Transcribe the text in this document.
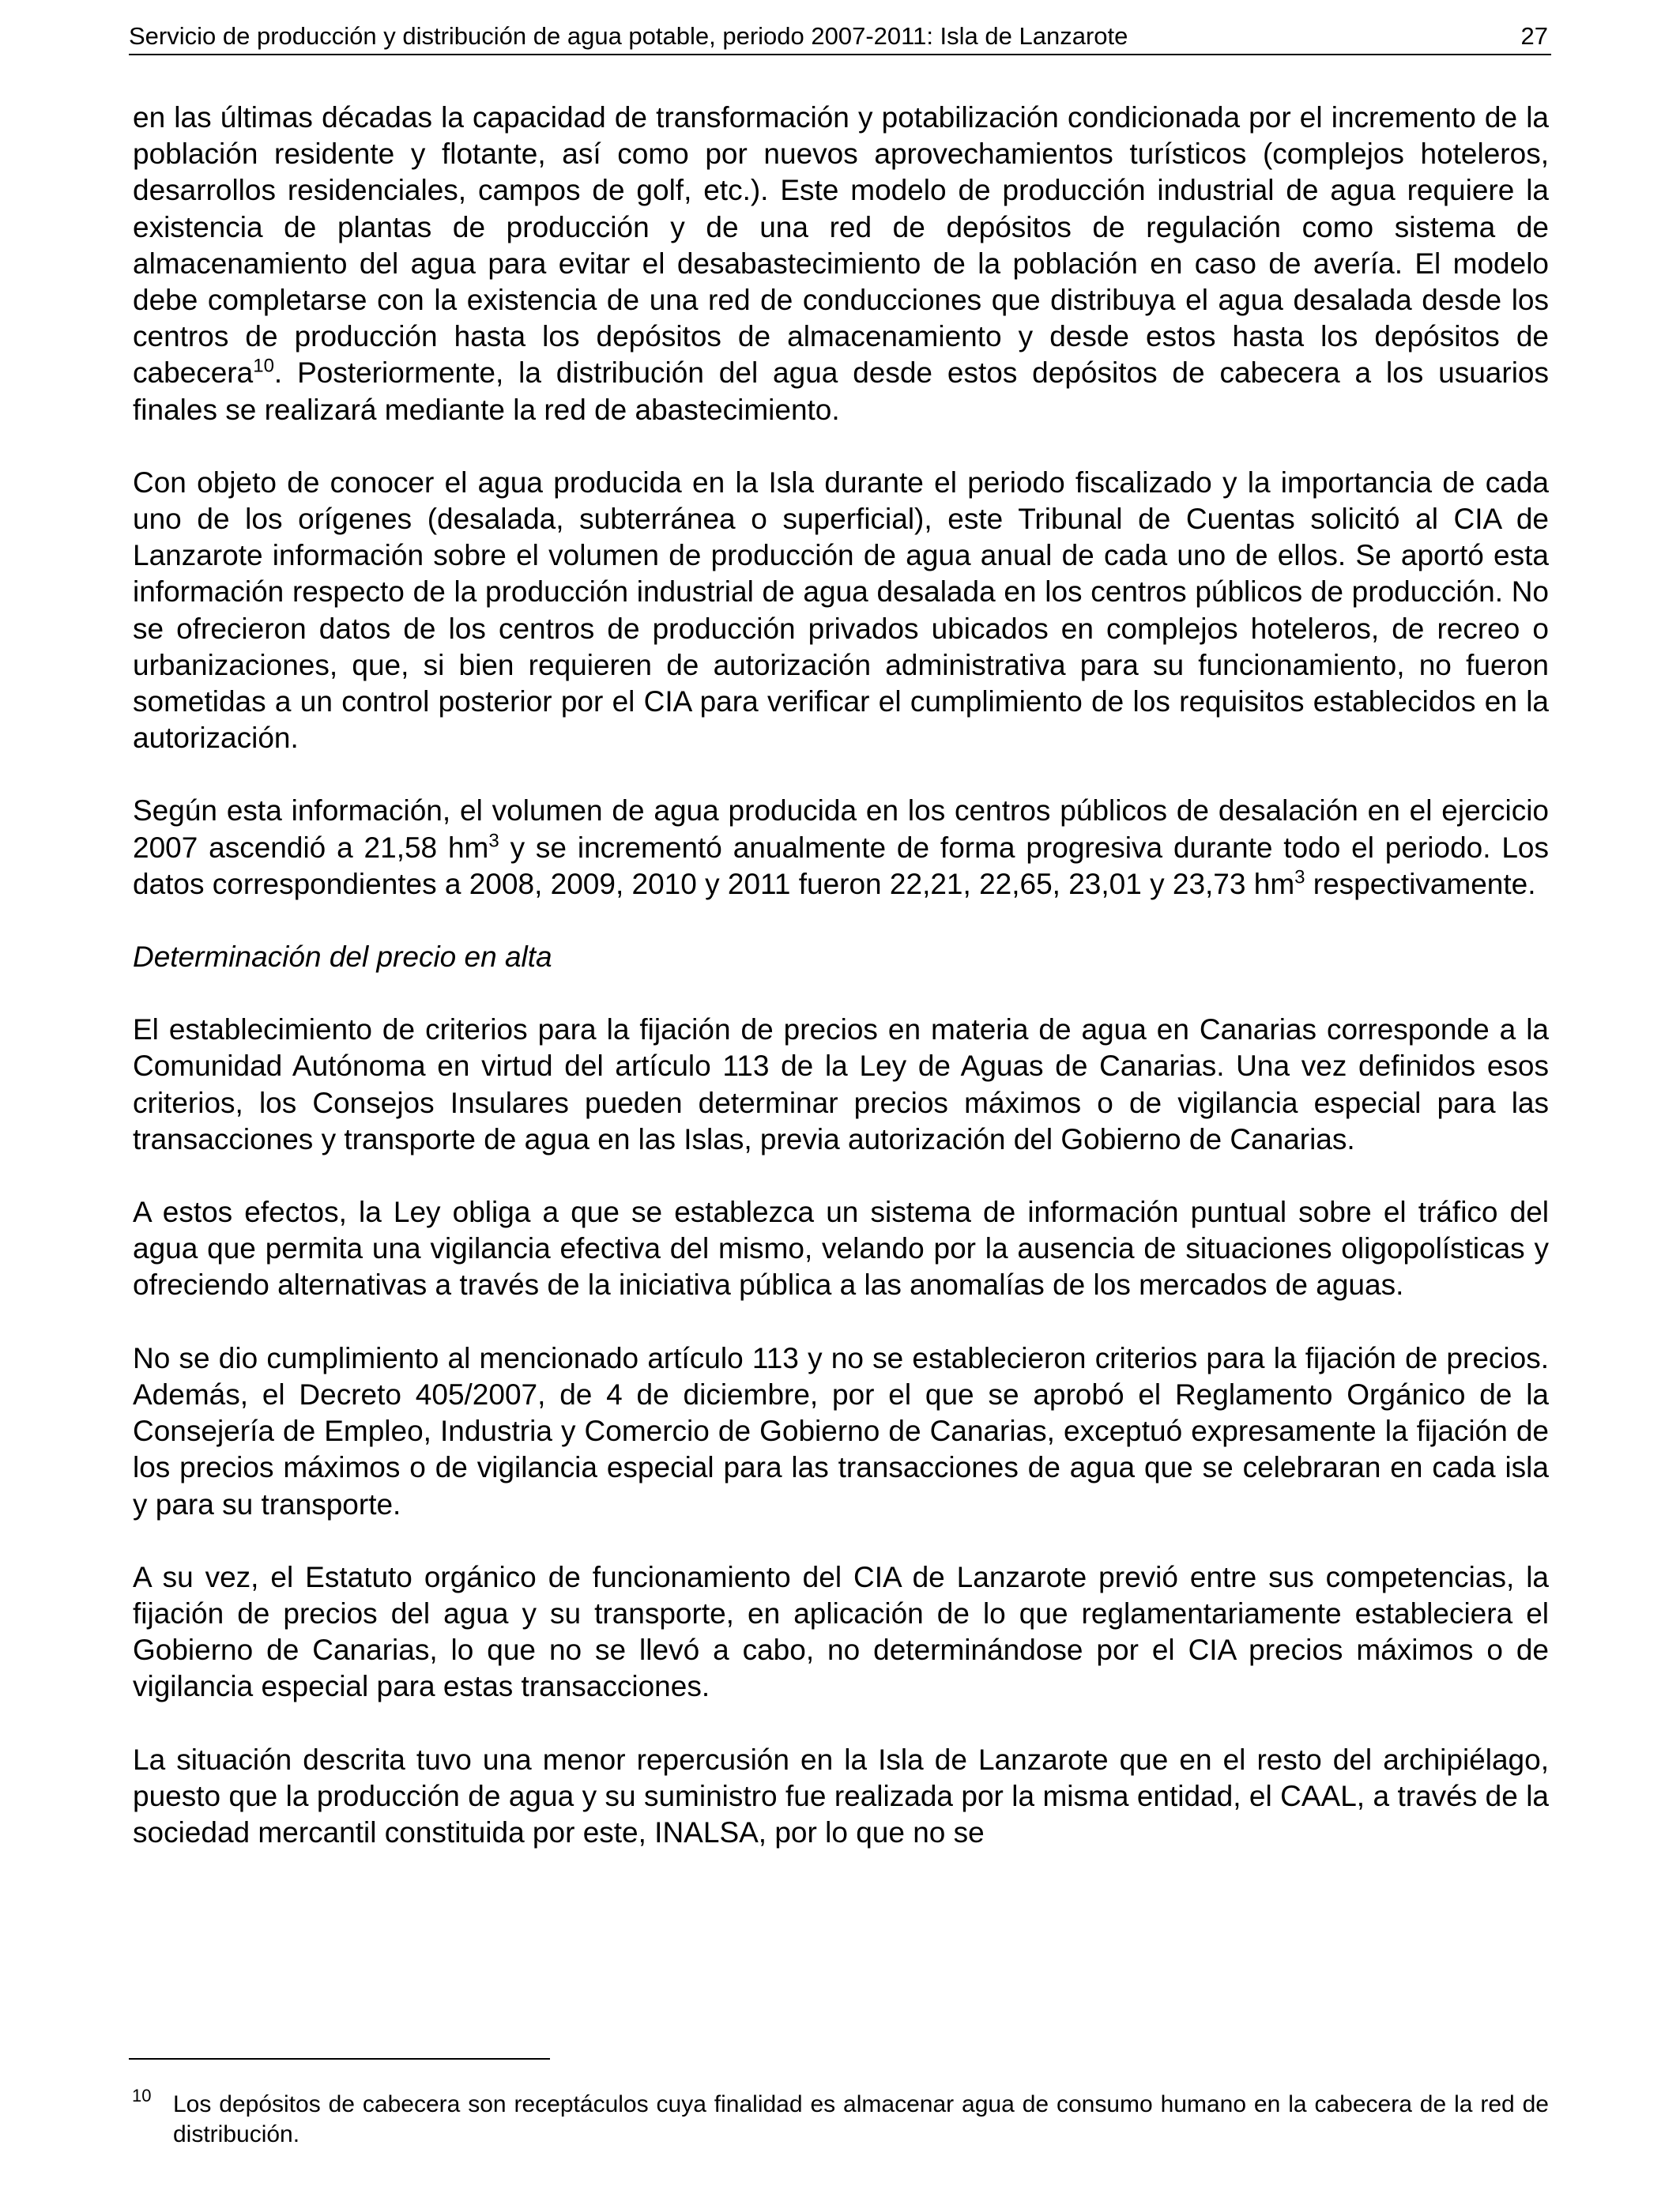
Servicio de producción y distribución de agua potable, periodo 2007-2011: Isla de Lanzarote	27

en las últimas décadas la capacidad de transformación y potabilización condicionada por el incremento de la población residente y flotante, así como por nuevos aprovechamientos turísticos (complejos hoteleros, desarrollos residenciales, campos de golf, etc.). Este modelo de producción industrial de agua requiere la existencia de plantas de producción y de una red de depósitos de regulación como sistema de almacenamiento del agua para evitar el desabastecimiento de la población en caso de avería. El modelo debe completarse con la existencia de una red de conducciones que distribuya el agua desalada desde los centros de producción hasta los depósitos de almacenamiento y desde estos hasta los depósitos de cabecera$^{10}$. Posteriormente, la distribución del agua desde estos depósitos de cabecera a los usuarios finales se realizará mediante la red de abastecimiento.

Con objeto de conocer el agua producida en la Isla durante el periodo fiscalizado y la importancia de cada uno de los orígenes (desalada, subterránea o superficial), este Tribunal de Cuentas solicitó al CIA de Lanzarote información sobre el volumen de producción de agua anual de cada uno de ellos. Se aportó esta información respecto de la producción industrial de agua desalada en los centros públicos de producción. No se ofrecieron datos de los centros de producción privados ubicados en complejos hoteleros, de recreo o urbanizaciones, que, si bien requieren de autorización administrativa para su funcionamiento, no fueron sometidas a un control posterior por el CIA para verificar el cumplimiento de los requisitos establecidos en la autorización.

Según esta información, el volumen de agua producida en los centros públicos de desalación en el ejercicio 2007 ascendió a 21,58 $hm^3$ y se incrementó anualmente de forma progresiva durante todo el periodo. Los datos correspondientes a 2008, 2009, 2010 y 2011 fueron 22,21, 22,65, 23,01 y 23,73 $hm^3$ respectivamente.

Determinación del precio en alta

El establecimiento de criterios para la fijación de precios en materia de agua en Canarias corresponde a la Comunidad Autónoma en virtud del artículo 113 de la Ley de Aguas de Canarias. Una vez definidos esos criterios, los Consejos Insulares pueden determinar precios máximos o de vigilancia especial para las transacciones y transporte de agua en las Islas, previa autorización del Gobierno de Canarias.

A estos efectos, la Ley obliga a que se establezca un sistema de información puntual sobre el tráfico del agua que permita una vigilancia efectiva del mismo, velando por la ausencia de situaciones oligopolísticas y ofreciendo alternativas a través de la iniciativa pública a las anomalías de los mercados de aguas.

No se dio cumplimiento al mencionado artículo 113 y no se establecieron criterios para la fijación de precios. Además, el Decreto 405/2007, de 4 de diciembre, por el que se aprobó el Reglamento Orgánico de la Consejería de Empleo, Industria y Comercio de Gobierno de Canarias, exceptuó expresamente la fijación de los precios máximos o de vigilancia especial para las transacciones de agua que se celebraran en cada isla y para su transporte.

A su vez, el Estatuto orgánico de funcionamiento del CIA de Lanzarote previó entre sus competencias, la fijación de precios del agua y su transporte, en aplicación de lo que reglamentariamente estableciera el Gobierno de Canarias, lo que no se llevó a cabo, no determinándose por el CIA precios máximos o de vigilancia especial para estas transacciones.

La situación descrita tuvo una menor repercusión en la Isla de Lanzarote que en el resto del archipiélago, puesto que la producción de agua y su suministro fue realizada por la misma entidad, el CAAL, a través de la sociedad mercantil constituida por este, INALSA, por lo que no se

10 Los depósitos de cabecera son receptáculos cuya finalidad es almacenar agua de consumo humano en la cabecera de la red de distribución.
